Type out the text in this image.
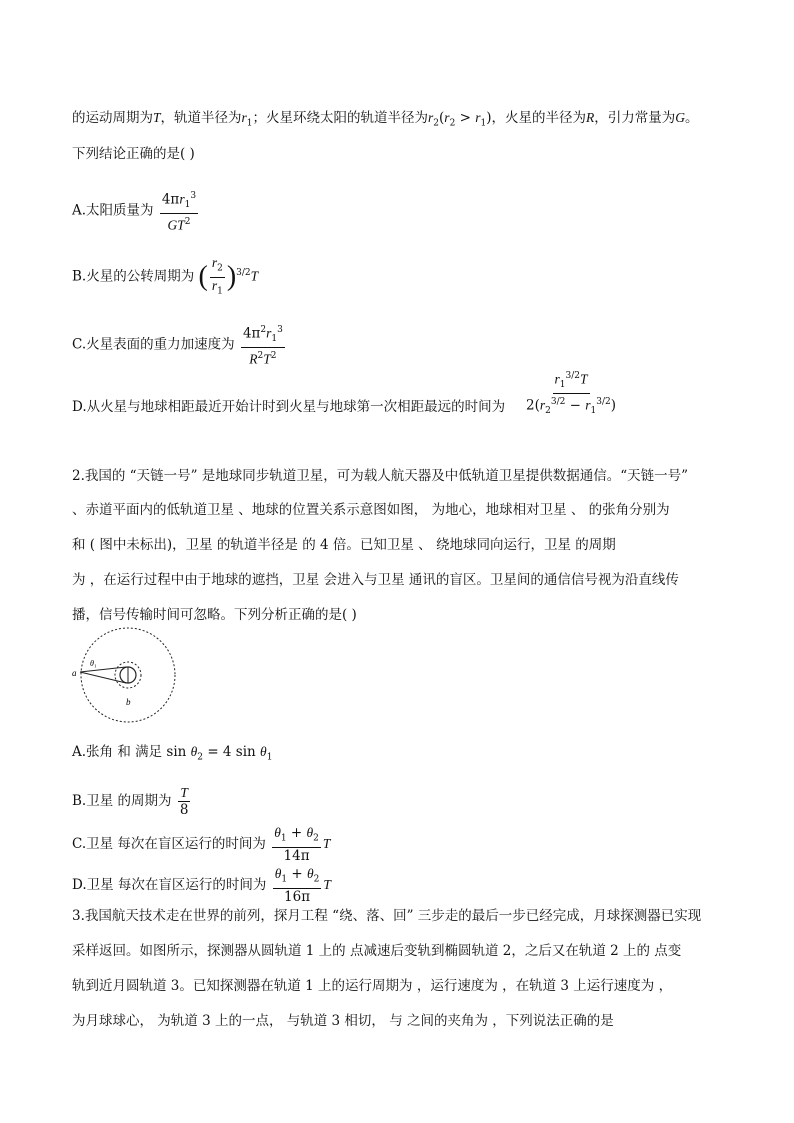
的运动周期为T，轨道半径为$r_1$；火星环绕太阳的轨道半径为$r_2(r_2 > r_1)$，火星的半径为R，引力常量为G。
下列结论正确的是( )
A.太阳质量为 $\frac{4\pi r_1^3}{GT^2}$
B.火星的公转周期为 ( $\frac{r_2}{r_1} )^{3/2}T$
C.火星表面的重力加速度为 $\frac{4\pi^2r_1^3}{R^2T^2}$
D.从火星与地球相距最近开始计时到火星与地球第一次相距最远的时间为	$\frac{r_1^{3/2}T}{2(r_2^{3/2} - r_1^{3/2})}$
2.我国的 “天链一号” 是地球同步轨道卫星，可为载人航天器及中低轨道卫星提供数据通信。“天链一号”
、赤道平面内的低轨道卫星 、地球的位置关系示意图如图， 为地心，地球相对卫星 、 的张角分别为
和 ( 图中未标出)，卫星 的轨道半径是 的 4 倍。已知卫星 、 绕地球同向运行，卫星 的周期
为 ，在运行过程中由于地球的遮挡，卫星 会进入与卫星 通讯的盲区。卫星间的通信信号视为沿直线传
播，信号传输时间可忽略。下列分析正确的是( )
a
θ₁
b
A.张角 和 满足 $\sin \theta_2 = 4$ $\sin \theta_1$
B.卫星 的周期为 $\frac{T}{8}$
C.卫星 每次在盲区运行的时间为 $\frac{\theta_1 + \theta_2}{14\pi}$ T
D.卫星 每次在盲区运行的时间为 $\frac{\theta_1 + \theta_2}{16\pi}$ T
3.我国航天技术走在世界的前列，探月工程 “绕、落、回” 三步走的最后一步已经完成，月球探测器已实现
采样返回。如图所示，探测器从圆轨道 1 上的 点减速后变轨到椭圆轨道 2，之后又在轨道 2 上的 点变
轨到近月圆轨道 3。已知探测器在轨道 1 上的运行周期为 ，运行速度为 ，在轨道 3 上运行速度为 ，
为月球球心， 为轨道 3 上的一点， 与轨道 3 相切， 与 之间的夹角为 ，下列说法正确的是
